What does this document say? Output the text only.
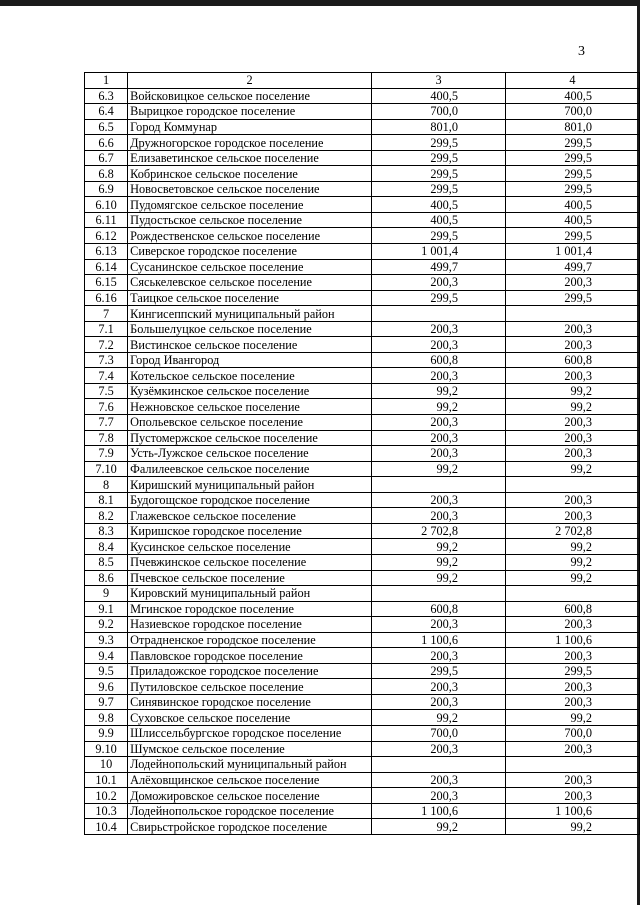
3
1	2	3	4
6.3	Войсковицкое сельское поселение	400,5	400,5
6.4	Вырицкое городское поселение	700,0	700,0
6.5	Город Коммунар	801,0	801,0
6.6	Дружногорское городское поселение	299,5	299,5
6.7	Елизаветинское сельское поселение	299,5	299,5
6.8	Кобринское сельское поселение	299,5	299,5
6.9	Новосветовское сельское поселение	299,5	299,5
6.10	Пудомягское сельское поселение	400,5	400,5
6.11	Пудостьское сельское поселение	400,5	400,5
6.12	Рождественское сельское поселение	299,5	299,5
6.13	Сиверское городское поселение	1 001,4	1 001,4
6.14	Сусанинское сельское поселение	499,7	499,7
6.15	Сяськелевское сельское поселение	200,3	200,3
6.16	Таицкое сельское поселение	299,5	299,5
7	Кингисеппский муниципальный район		
7.1	Большелуцкое сельское поселение	200,3	200,3
7.2	Вистинское сельское поселение	200,3	200,3
7.3	Город Ивангород	600,8	600,8
7.4	Котельское сельское поселение	200,3	200,3
7.5	Кузёмкинское сельское поселение	99,2	99,2
7.6	Нежновское сельское поселение	99,2	99,2
7.7	Опольевское сельское поселение	200,3	200,3
7.8	Пустомержское сельское поселение	200,3	200,3
7.9	Усть-Лужское сельское поселение	200,3	200,3
7.10	Фалилеевское сельское поселение	99,2	99,2
8	Киришский муниципальный район		
8.1	Будогощское городское поселение	200,3	200,3
8.2	Глажевское сельское поселение	200,3	200,3
8.3	Киришское городское поселение	2 702,8	2 702,8
8.4	Кусинское сельское поселение	99,2	99,2
8.5	Пчевжинское сельское поселение	99,2	99,2
8.6	Пчевское сельское поселение	99,2	99,2
9	Кировский муниципальный район		
9.1	Мгинское городское поселение	600,8	600,8
9.2	Назиевское городское поселение	200,3	200,3
9.3	Отрадненское городское поселение	1 100,6	1 100,6
9.4	Павловское городское поселение	200,3	200,3
9.5	Приладожское городское поселение	299,5	299,5
9.6	Путиловское сельское поселение	200,3	200,3
9.7	Синявинское городское поселение	200,3	200,3
9.8	Суховское сельское поселение	99,2	99,2
9.9	Шлиссельбургское городское поселение	700,0	700,0
9.10	Шумское сельское поселение	200,3	200,3
10	Лодейнопольский муниципальный район		
10.1	Алёховщинское сельское поселение	200,3	200,3
10.2	Доможировское сельское поселение	200,3	200,3
10.3	Лодейнопольское городское поселение	1 100,6	1 100,6
10.4	Свирьстройское городское поселение	99,2	99,2
